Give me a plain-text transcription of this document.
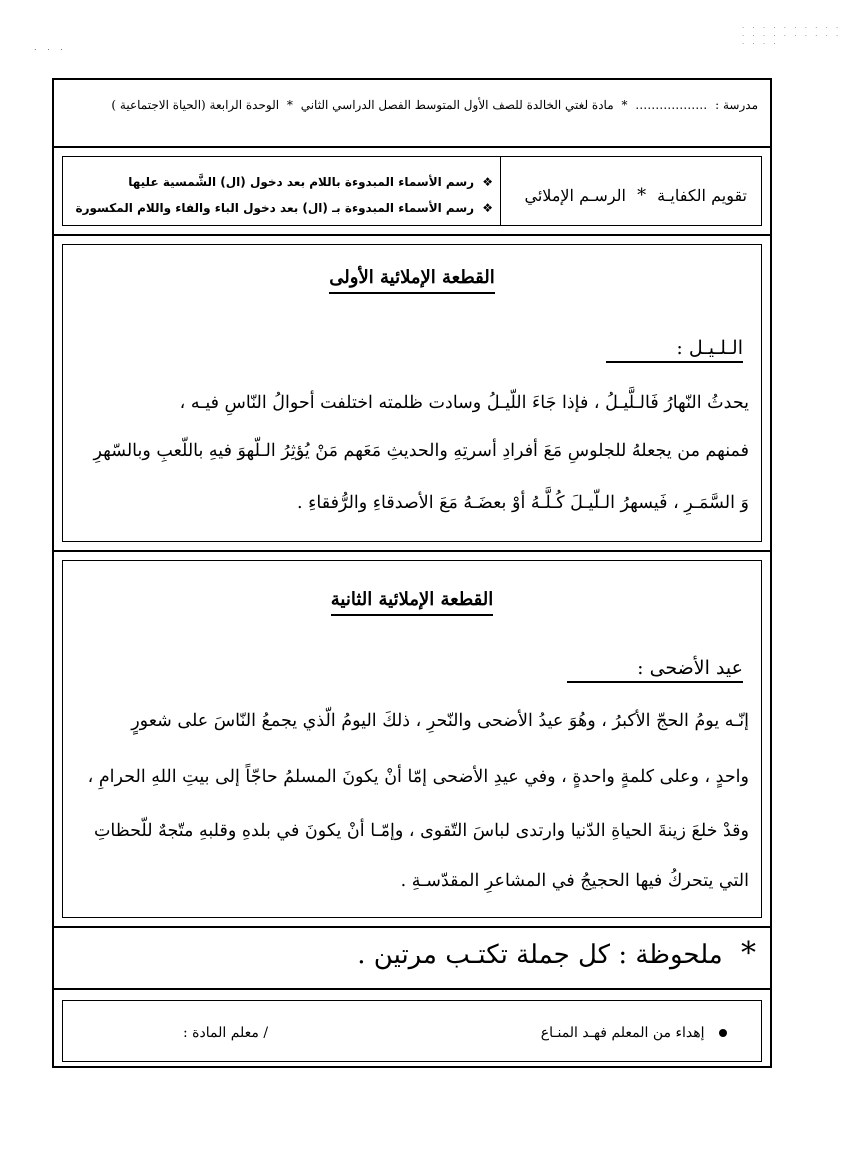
. . .
. . . . . . . . . . . . . . . . . . . . . . . .
مدرسة : ……………… * مادة لغتي الخالدة للصف الأول المتوسط الفصل الدراسي الثاني * الوحدة الرابعة (الحياة الاجتماعية )
تقويم الكفايـة * الرسـم الإملائي
❖ رسم الأسماء المبدوءة باللام بعد دخول (ال) الشَّمسية عليها
❖ رسم الأسماء المبدوءة بـ (ال) بعد دخول الباء والفاء واللام المكسورة
القطعة الإملائية الأولى
الـلـيـل :
يحدثُ النّهارُ فَالـلَّيـلُ ، فإذا جَاءَ اللّيـلُ وسادت ظلمته اختلفت أحوالُ النّاسِ فيـه ،
فمنهم من يجعلهُ للجلوسِ مَعَ أفرادِ أسرتِهِ والحديثِ مَعَهم مَنْ يُؤثِرُ الـلّهوَ فيهِ باللّعبِ وبالسّهرِ
وَ السَّمَـرِ ، فَيسهرُ الـلّيـلَ كُـلَّـهُ أوْ بعضَـهُ مَعَ الأصدقاءِ والرُّفقاءِ .
القطعة الإملائية الثانية
عيد الأضحى :
إنّـه يومُ الحجّ الأكبرُ ، وهُوَ عيدُ الأضحى والنّحرِ ، ذلكَ اليومُ الّذي يجمعُ النّاسَ على شعورٍ
واحدٍ ، وعلى كلمةٍ واحدةٍ ، وفي عيدِ الأضحى إمّا أنْ يكونَ المسلمُ حاجّاً إلى بيتِ اللهِ الحرامِ ،
وقدْ خلعَ زينةَ الحياةِ الدّنيا وارتدى لباسَ التّقوى ، وإمّـا أنْ يكونَ في بلدهِ وقلبهِ متّجهٌ للّحظاتِ
التي يتحركُ فيها الحجيجُ في المشاعرِ المقدّسـةِ .
* ملحوظة : كل جملة تكتـب مرتين .
إهداء من المعلم فهـد المنـاع
/ معلم المادة :
